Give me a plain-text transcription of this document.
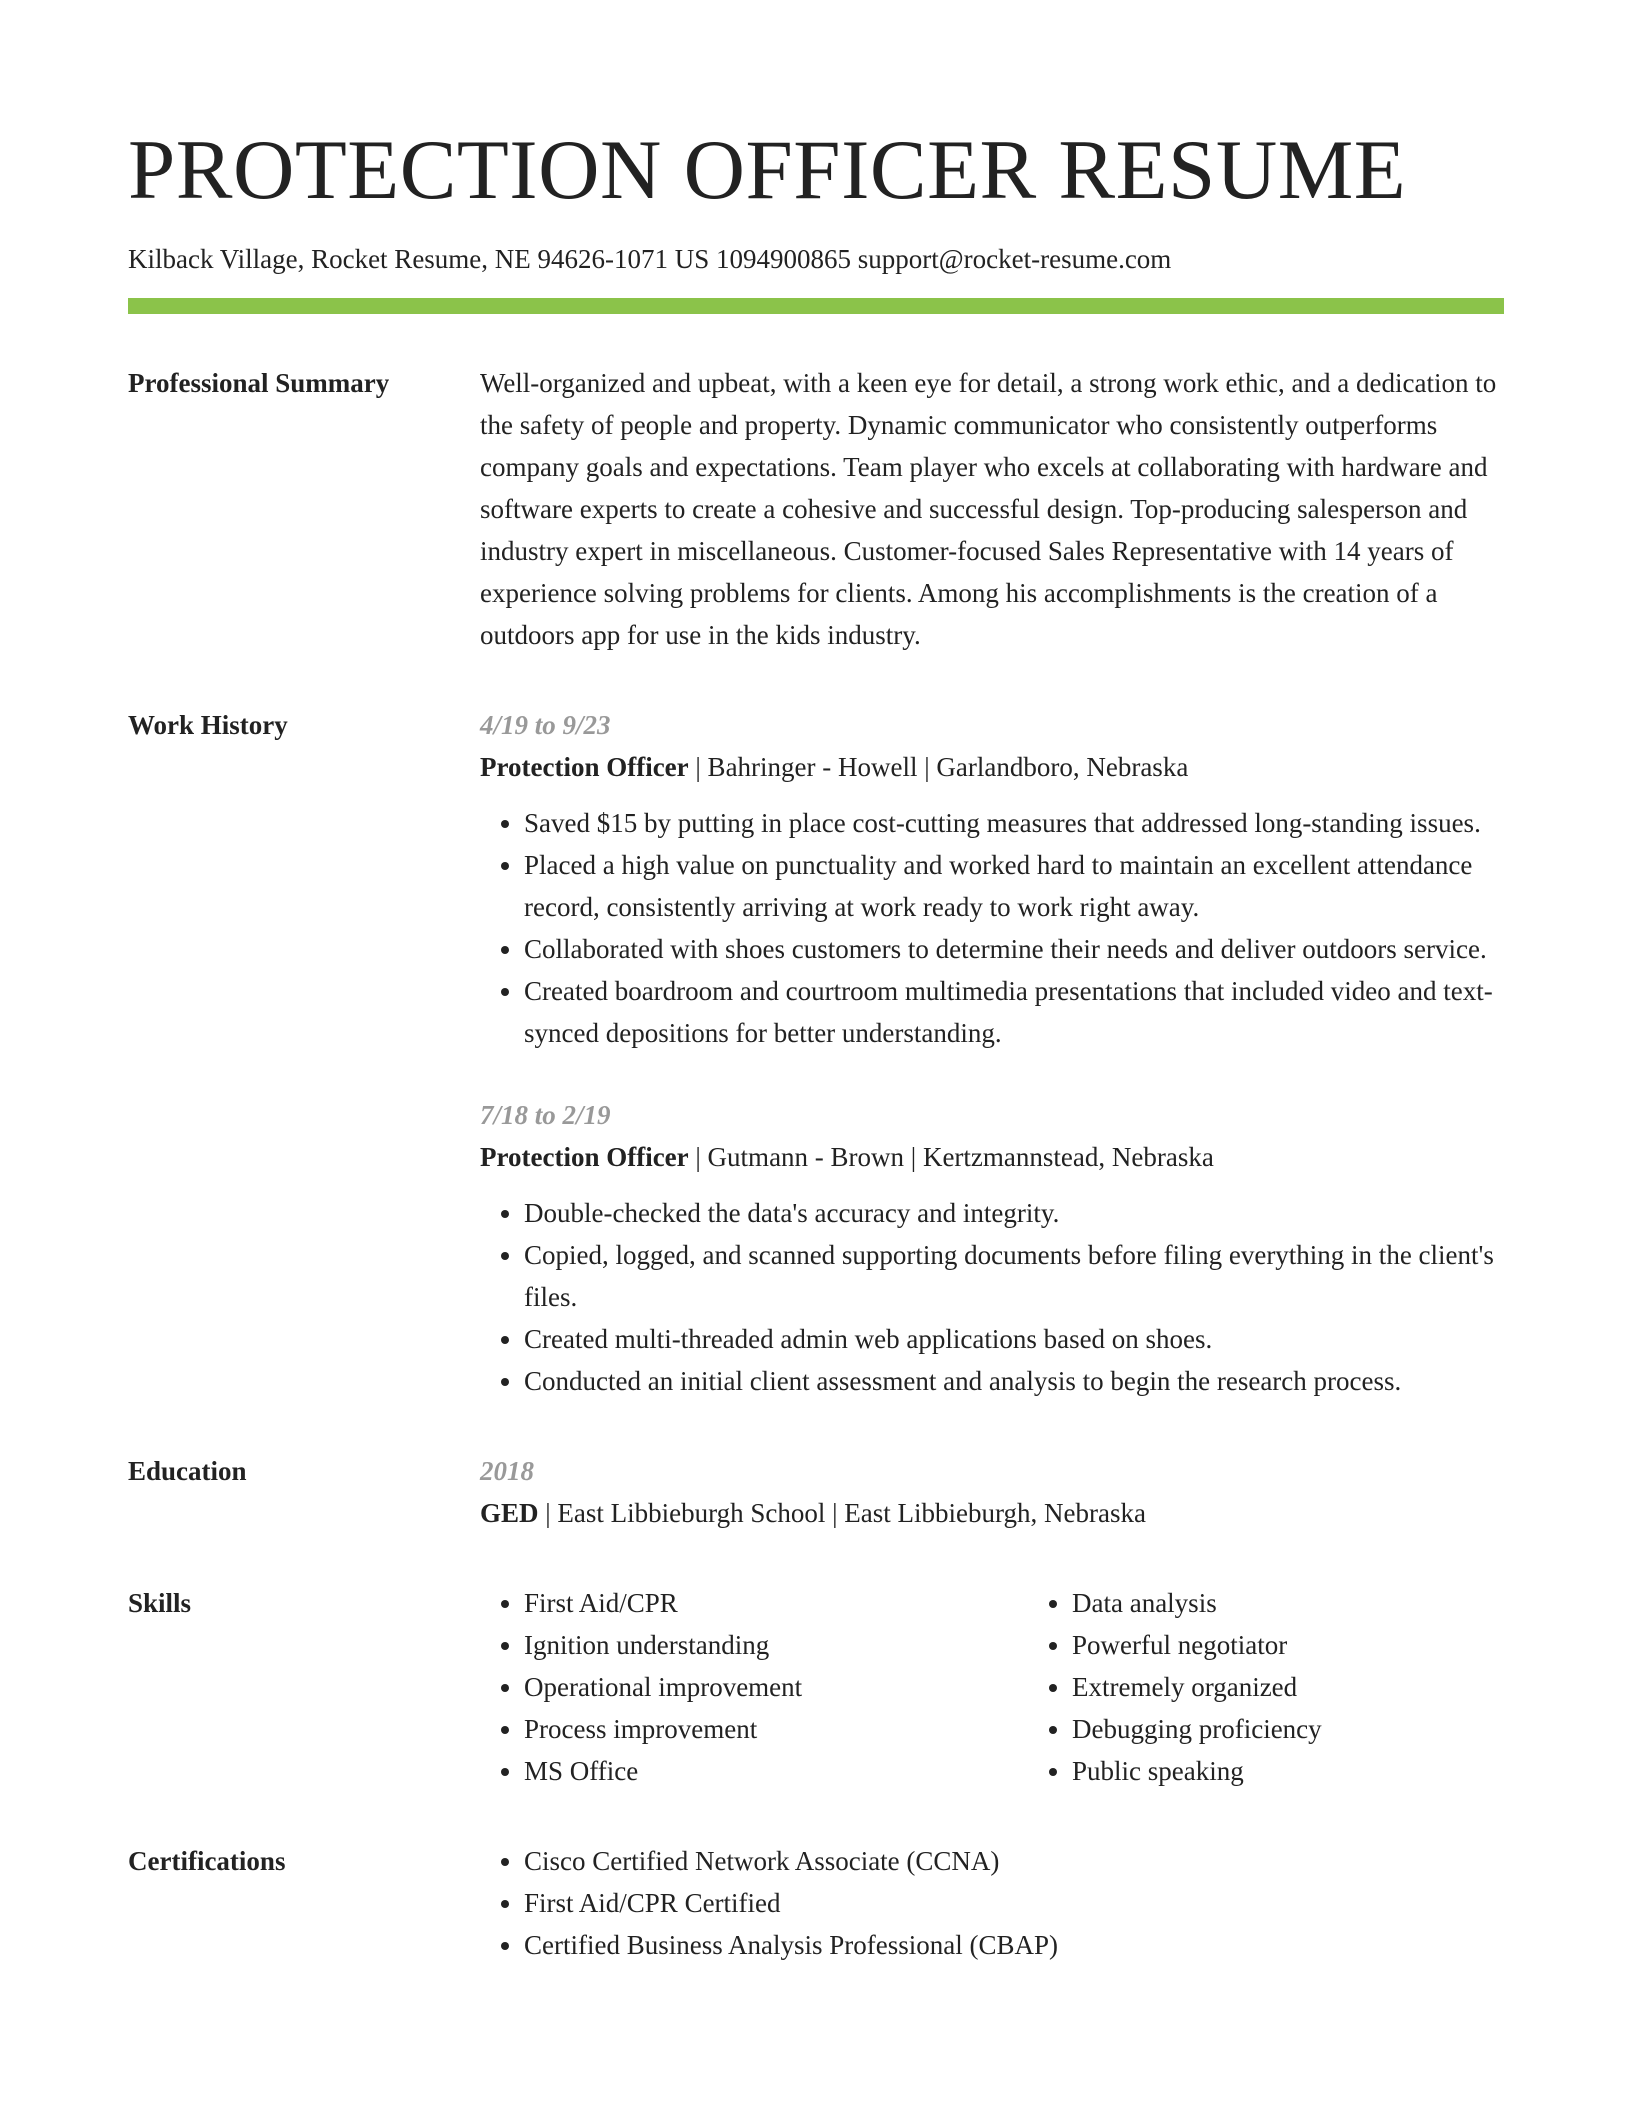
PROTECTION OFFICER RESUME
Kilback Village, Rocket Resume, NE 94626-1071 US 1094900865 support@rocket-resume.com
Professional Summary	Well-organized and upbeat, with a keen eye for detail, a strong work ethic, and a dedication to the safety of people and property. Dynamic communicator who consistently outperforms company goals and expectations. Team player who excels at collaborating with hardware and software experts to create a cohesive and successful design. Top-producing salesperson and industry expert in miscellaneous. Customer-focused Sales Representative with 14 years of experience solving problems for clients. Among his accomplishments is the creation of a outdoors app for use in the kids industry.
Work History	4/19 to 9/23
Protection Officer | Bahringer - Howell | Garlandboro, Nebraska
• Saved $15 by putting in place cost-cutting measures that addressed long-standing issues.
• Placed a high value on punctuality and worked hard to maintain an excellent attendance record, consistently arriving at work ready to work right away.
• Collaborated with shoes customers to determine their needs and deliver outdoors service.
• Created boardroom and courtroom multimedia presentations that included video and text-synced depositions for better understanding.
7/18 to 2/19
Protection Officer | Gutmann - Brown | Kertzmannstead, Nebraska
• Double-checked the data's accuracy and integrity.
• Copied, logged, and scanned supporting documents before filing everything in the client's files.
• Created multi-threaded admin web applications based on shoes.
• Conducted an initial client assessment and analysis to begin the research process.
Education	2018
GED | East Libbieburgh School | East Libbieburgh, Nebraska
Skills	• First Aid/CPR
• Ignition understanding
• Operational improvement
• Process improvement
• MS Office
• Data analysis
• Powerful negotiator
• Extremely organized
• Debugging proficiency
• Public speaking
Certifications	• Cisco Certified Network Associate (CCNA)
• First Aid/CPR Certified
• Certified Business Analysis Professional (CBAP)
